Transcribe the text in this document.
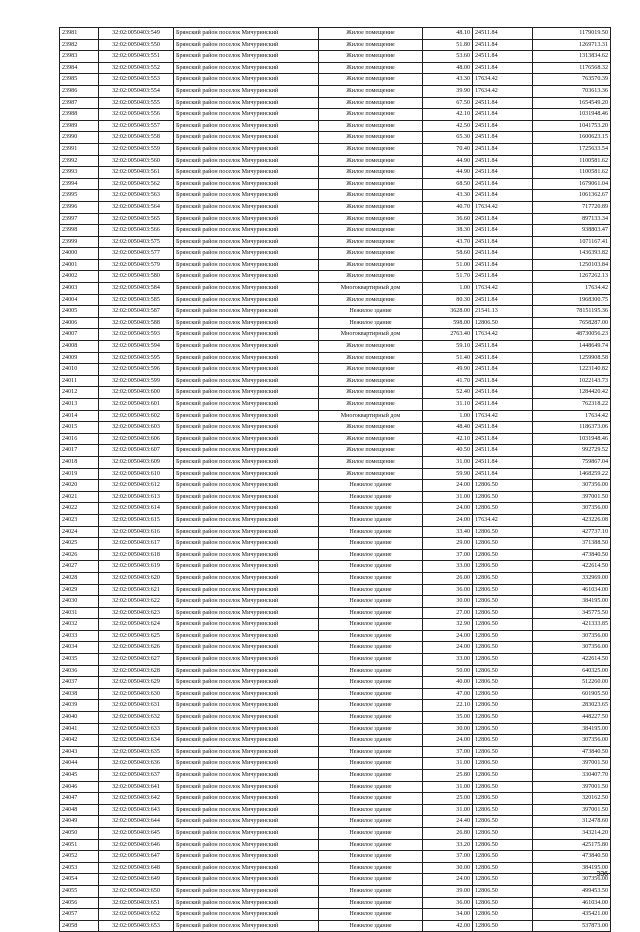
23981	32:02:0050403:549	Брянский район поселок Мичуринский	Жилое помещение	48.10	24511.84	1179019.50
23982	32:02:0050403:550	Брянский район поселок Мичуринский	Жилое помещение	51.80	24511.84	1269713.31
23983	32:02:0050403:551	Брянский район поселок Мичуринский	Жилое помещение	53.60	24511.84	1313834.62
23984	32:02:0050403:552	Брянский район поселок Мичуринский	Жилое помещение	48.00	24511.84	1176568.32
23985	32:02:0050403:553	Брянский район поселок Мичуринский	Жилое помещение	43.30	17634.42	763570.39
23986	32:02:0050403:554	Брянский район поселок Мичуринский	Жилое помещение	39.90	17634.42	703613.36
23987	32:02:0050403:555	Брянский район поселок Мичуринский	Жилое помещение	67.50	24511.84	1654549.20
23988	32:02:0050403:556	Брянский район поселок Мичуринский	Жилое помещение	42.10	24511.84	1031948.46
23989	32:02:0050403:557	Брянский район поселок Мичуринский	Жилое помещение	42.50	24511.84	1041753.20
23990	32:02:0050403:558	Брянский район поселок Мичуринский	Жилое помещение	65.30	24511.84	1600623.15
23991	32:02:0050403:559	Брянский район поселок Мичуринский	Жилое помещение	70.40	24511.84	1725633.54
23992	32:02:0050403:560	Брянский район поселок Мичуринский	Жилое помещение	44.90	24511.84	1100581.62
23993	32:02:0050403:561	Брянский район поселок Мичуринский	Жилое помещение	44.90	24511.84	1100581.62
23994	32:02:0050403:562	Брянский район поселок Мичуринский	Жилое помещение	68.50	24511.84	1679061.04
23995	32:02:0050403:563	Брянский район поселок Мичуринский	Жилое помещение	43.30	24511.84	1061362.67
23996	32:02:0050403:564	Брянский район поселок Мичуринский	Жилое помещение	40.70	17634.42	717720.89
23997	32:02:0050403:565	Брянский район поселок Мичуринский	Жилое помещение	36.60	24511.84	897133.34
23998	32:02:0050403:566	Брянский район поселок Мичуринский	Жилое помещение	38.30	24511.84	938803.47
23999	32:02:0050403:575	Брянский район поселок Мичуринский	Жилое помещение	43.70	24511.84	1071167.41
24000	32:02:0050403:577	Брянский район поселок Мичуринский	Жилое помещение	58.60	24511.84	1436393.82
24001	32:02:0050403:579	Брянский район поселок Мичуринский	Жилое помещение	51.00	24511.84	1250103.84
24002	32:02:0050403:580	Брянский район поселок Мичуринский	Жилое помещение	51.70	24511.84	1267262.13
24003	32:02:0050403:584	Брянский район поселок Мичуринский	Многоквартирный дом	1.00	17634.42	17634.42
24004	32:02:0050403:585	Брянский район поселок Мичуринский	Жилое помещение	80.30	24511.84	1968300.75
24005	32:02:0050403:587	Брянский район поселок Мичуринский	Нежилое здание	3628.00	21541.13	78151195.36
24006	32:02:0050403:588	Брянский район поселок Мичуринский	Нежилое здание	598.00	12806.50	7658287.00
24007	32:02:0050403:593	Брянский район поселок Мичуринский	Многоквартирный дом	2763.40	17634.42	48730056.23
24008	32:02:0050403:594	Брянский район поселок Мичуринский	Жилое помещение	59.10	24511.84	1448649.74
24009	32:02:0050403:595	Брянский район поселок Мичуринский	Жилое помещение	51.40	24511.84	1259908.58
24010	32:02:0050403:596	Брянский район поселок Мичуринский	Жилое помещение	49.90	24511.84	1223140.82
24011	32:02:0050403:599	Брянский район поселок Мичуринский	Жилое помещение	41.70	24511.84	1022143.73
24012	32:02:0050403:600	Брянский район поселок Мичуринский	Жилое помещение	52.40	24511.84	1284420.42
24013	32:02:0050403:601	Брянский район поселок Мичуринский	Жилое помещение	31.10	24511.84	762318.22
24014	32:02:0050403:602	Брянский район поселок Мичуринский	Многоквартирный дом	1.00	17634.42	17634.42
24015	32:02:0050403:603	Брянский район поселок Мичуринский	Жилое помещение	48.40	24511.84	1186373.06
24016	32:02:0050403:606	Брянский район поселок Мичуринский	Жилое помещение	42.10	24511.84	1031948.46
24017	32:02:0050403:607	Брянский район поселок Мичуринский	Жилое помещение	40.50	24511.84	992729.52
24018	32:02:0050403:609	Брянский район поселок Мичуринский	Жилое помещение	31.00	24511.84	759867.04
24019	32:02:0050403:610	Брянский район поселок Мичуринский	Жилое помещение	59.90	24511.84	1468259.22
24020	32:02:0050403:612	Брянский район поселок Мичуринский	Нежилое здание	24.00	12806.50	307356.00
24021	32:02:0050403:613	Брянский район поселок Мичуринский	Нежилое здание	31.00	12806.50	397001.50
24022	32:02:0050403:614	Брянский район поселок Мичуринский	Нежилое здание	24.00	12806.50	307356.00
24023	32:02:0050403:615	Брянский район поселок Мичуринский	Нежилое здание	24.00	17634.42	423226.08
24024	32:02:0050403:616	Брянский район поселок Мичуринский	Нежилое здание	33.40	12806.50	427737.10
24025	32:02:0050403:617	Брянский район поселок Мичуринский	Нежилое здание	29.00	12806.50	371388.50
24026	32:02:0050403:618	Брянский район поселок Мичуринский	Нежилое здание	37.00	12806.50	473840.50
24027	32:02:0050403:619	Брянский район поселок Мичуринский	Нежилое здание	33.00	12806.50	422614.50
24028	32:02:0050403:620	Брянский район поселок Мичуринский	Нежилое здание	26.00	12806.50	332969.00
24029	32:02:0050403:621	Брянский район поселок Мичуринский	Нежилое здание	36.00	12806.50	461034.00
24030	32:02:0050403:622	Брянский район поселок Мичуринский	Нежилое здание	30.00	12806.50	384195.00
24031	32:02:0050403:623	Брянский район поселок Мичуринский	Нежилое здание	27.00	12806.50	345775.50
24032	32:02:0050403:624	Брянский район поселок Мичуринский	Нежилое здание	32.90	12806.50	421333.85
24033	32:02:0050403:625	Брянский район поселок Мичуринский	Нежилое здание	24.00	12806.50	307356.00
24034	32:02:0050403:626	Брянский район поселок Мичуринский	Нежилое здание	24.00	12806.50	307356.00
24035	32:02:0050403:627	Брянский район поселок Мичуринский	Нежилое здание	33.00	12806.50	422614.50
24036	32:02:0050403:628	Брянский район поселок Мичуринский	Нежилое здание	50.00	12806.50	640325.00
24037	32:02:0050403:629	Брянский район поселок Мичуринский	Нежилое здание	40.00	12806.50	512260.00
24038	32:02:0050403:630	Брянский район поселок Мичуринский	Нежилое здание	47.00	12806.50	601905.50
24039	32:02:0050403:631	Брянский район поселок Мичуринский	Нежилое здание	22.10	12806.50	283023.65
24040	32:02:0050403:632	Брянский район поселок Мичуринский	Нежилое здание	35.00	12806.50	448227.50
24041	32:02:0050403:633	Брянский район поселок Мичуринский	Нежилое здание	30.00	12806.50	384195.00
24042	32:02:0050403:634	Брянский район поселок Мичуринский	Нежилое здание	24.00	12806.50	307356.00
24043	32:02:0050403:635	Брянский район поселок Мичуринский	Нежилое здание	37.00	12806.50	473840.50
24044	32:02:0050403:636	Брянский район поселок Мичуринский	Нежилое здание	31.00	12806.50	397001.50
24045	32:02:0050403:637	Брянский район поселок Мичуринский	Нежилое здание	25.80	12806.50	330407.70
24046	32:02:0050403:641	Брянский район поселок Мичуринский	Нежилое здание	31.00	12806.50	397001.50
24047	32:02:0050403:642	Брянский район поселок Мичуринский	Нежилое здание	25.00	12806.50	320162.50
24048	32:02:0050403:643	Брянский район поселок Мичуринский	Нежилое здание	31.00	12806.50	397001.50
24049	32:02:0050403:644	Брянский район поселок Мичуринский	Нежилое здание	24.40	12806.50	312478.60
24050	32:02:0050403:645	Брянский район поселок Мичуринский	Нежилое здание	26.80	12806.50	343214.20
24051	32:02:0050403:646	Брянский район поселок Мичуринский	Нежилое здание	33.20	12806.50	425175.80
24052	32:02:0050403:647	Брянский район поселок Мичуринский	Нежилое здание	37.00	12806.50	473840.50
24053	32:02:0050403:648	Брянский район поселок Мичуринский	Нежилое здание	30.00	12806.50	384195.00
24054	32:02:0050403:649	Брянский район поселок Мичуринский	Нежилое здание	24.00	12806.50	307356.00
24055	32:02:0050403:650	Брянский район поселок Мичуринский	Нежилое здание	39.00	12806.50	499453.50
24056	32:02:0050403:651	Брянский район поселок Мичуринский	Нежилое здание	36.00	12806.50	461034.00
24057	32:02:0050403:652	Брянский район поселок Мичуринский	Нежилое здание	34.00	12806.50	435421.00
24058	32:02:0050403:653	Брянский район поселок Мичуринский	Нежилое здание	42.00	12806.50	537873.00
336
